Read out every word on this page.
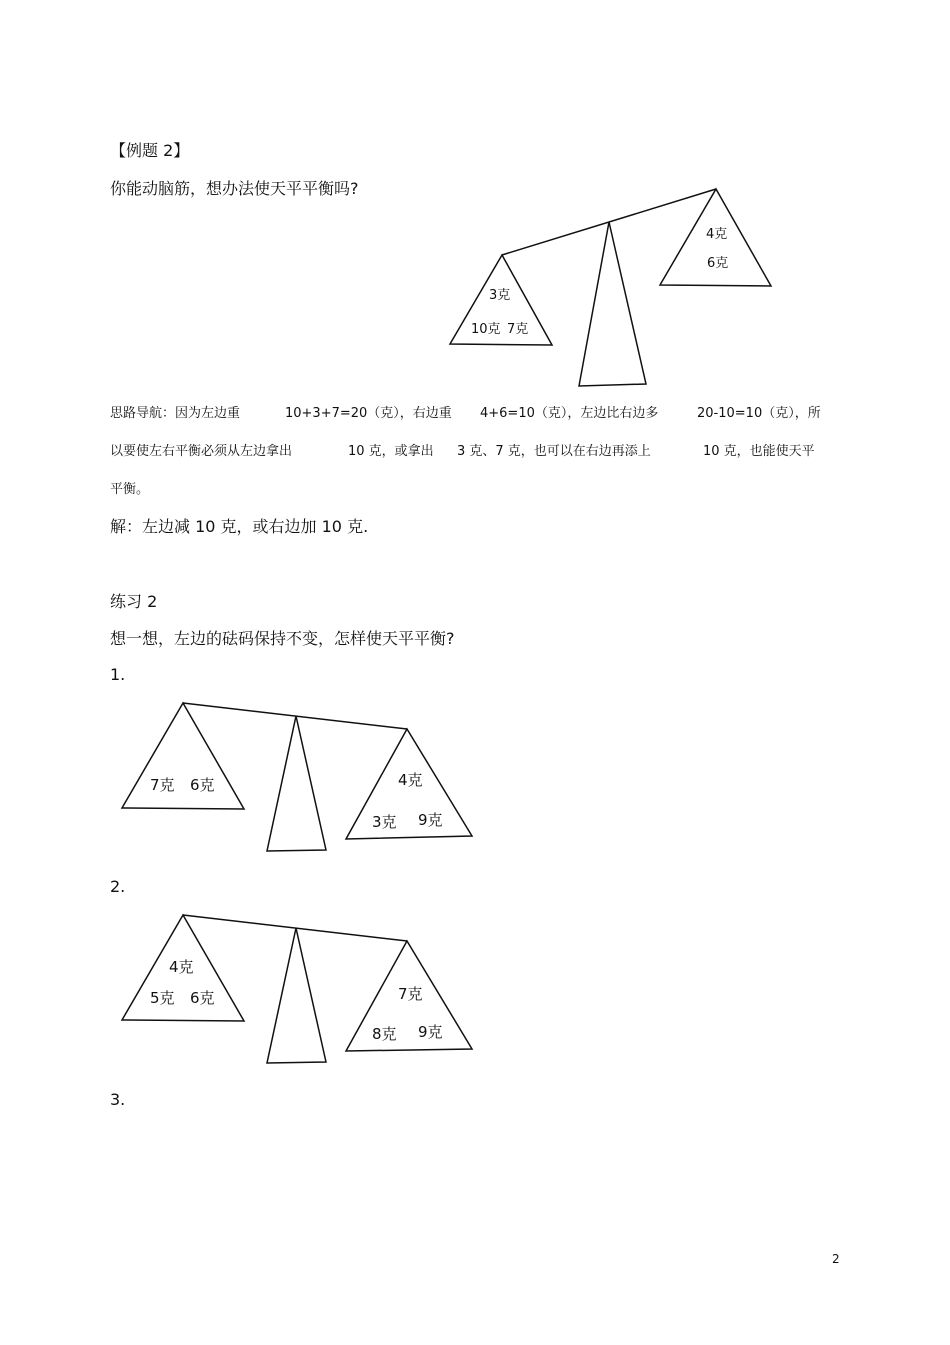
【例题 2】
你能动脑筋，想办法使天平平衡吗?
3克
10克 7克
4克
6克
思路导航：因为左边重	10+3+7=20（克），右边重 4+6=10（克），左边比右边多	20-10=10（克），所
以要使左右平衡必须从左边拿出	10 克，或拿出 3 克、7 克，也可以在右边再添上	10 克，也能使天平
平衡。
解：左边减 10 克，或右边加 10 克.
练习 2
想一想，左边的砝码保持不变，怎样使天平平衡?
1.
7克 6克	4克
3克 9克
2.
4克
5克 6克	7克
8克 9克
3.
2
